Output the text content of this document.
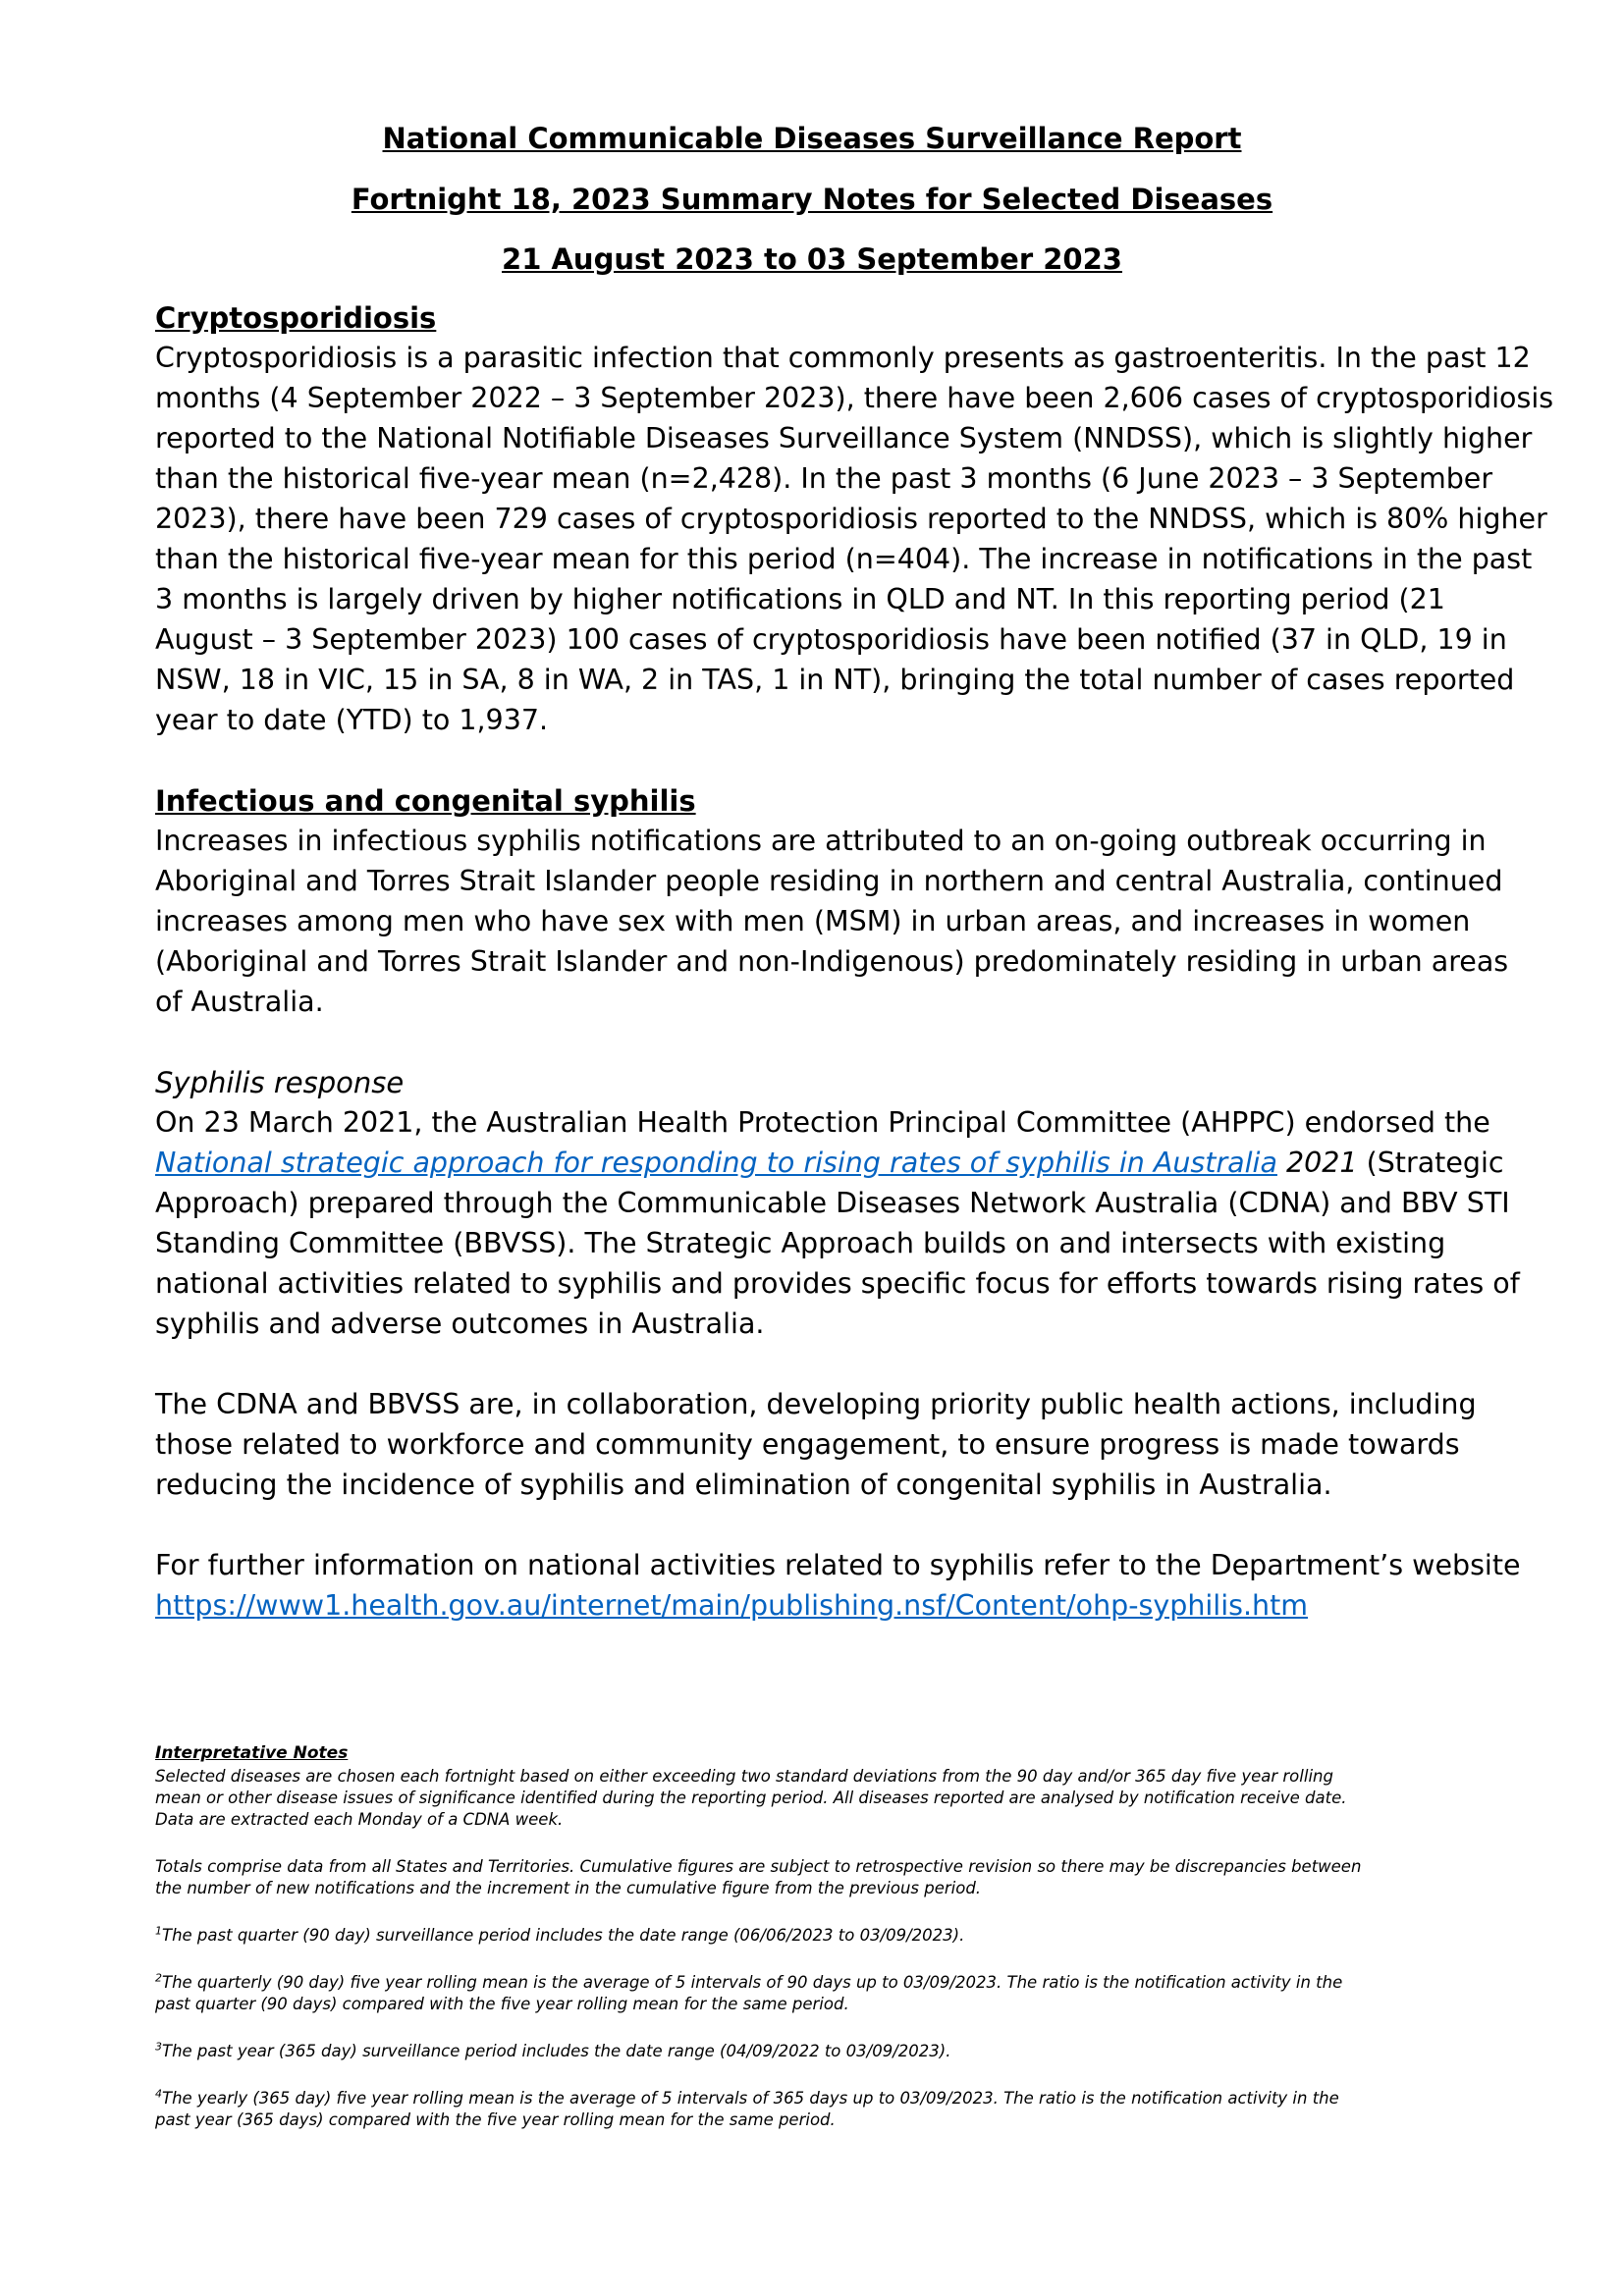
National Communicable Diseases Surveillance Report
Fortnight 18, 2023 Summary Notes for Selected Diseases
21 August 2023 to 03 September 2023
Cryptosporidiosis
Cryptosporidiosis is a parasitic infection that commonly presents as gastroenteritis. In the past 12
months (4 September 2022 – 3 September 2023), there have been 2,606 cases of cryptosporidiosis
reported to the National Notifiable Diseases Surveillance System (NNDSS), which is slightly higher
than the historical five-year mean (n=2,428). In the past 3 months (6 June 2023 – 3 September
2023), there have been 729 cases of cryptosporidiosis reported to the NNDSS, which is 80% higher
than the historical five-year mean for this period (n=404). The increase in notifications in the past
3 months is largely driven by higher notifications in QLD and NT. In this reporting period (21
August – 3 September 2023) 100 cases of cryptosporidiosis have been notified (37 in QLD, 19 in
NSW, 18 in VIC, 15 in SA, 8 in WA, 2 in TAS, 1 in NT), bringing the total number of cases reported
year to date (YTD) to 1,937.
Infectious and congenital syphilis
Increases in infectious syphilis notifications are attributed to an on-going outbreak occurring in
Aboriginal and Torres Strait Islander people residing in northern and central Australia, continued
increases among men who have sex with men (MSM) in urban areas, and increases in women
(Aboriginal and Torres Strait Islander and non-Indigenous) predominately residing in urban areas
of Australia.
Syphilis response
On 23 March 2021, the Australian Health Protection Principal Committee (AHPPC) endorsed the
National strategic approach for responding to rising rates of syphilis in Australia 2021 (Strategic
Approach) prepared through the Communicable Diseases Network Australia (CDNA) and BBV STI
Standing Committee (BBVSS). The Strategic Approach builds on and intersects with existing
national activities related to syphilis and provides specific focus for efforts towards rising rates of
syphilis and adverse outcomes in Australia.
The CDNA and BBVSS are, in collaboration, developing priority public health actions, including
those related to workforce and community engagement, to ensure progress is made towards
reducing the incidence of syphilis and elimination of congenital syphilis in Australia.
For further information on national activities related to syphilis refer to the Department’s website
https://www1.health.gov.au/internet/main/publishing.nsf/Content/ohp-syphilis.htm
Interpretative Notes
Selected diseases are chosen each fortnight based on either exceeding two standard deviations from the 90 day and/or 365 day five year rolling
mean or other disease issues of significance identified during the reporting period. All diseases reported are analysed by notification receive date.
Data are extracted each Monday of a CDNA week.
Totals comprise data from all States and Territories. Cumulative figures are subject to retrospective revision so there may be discrepancies between
the number of new notifications and the increment in the cumulative figure from the previous period.
$^1$The past quarter (90 day) surveillance period includes the date range (06/06/2023 to 03/09/2023).
$^2$The quarterly (90 day) five year rolling mean is the average of 5 intervals of 90 days up to 03/09/2023. The ratio is the notification activity in the
past quarter (90 days) compared with the five year rolling mean for the same period.
$^3$The past year (365 day) surveillance period includes the date range (04/09/2022 to 03/09/2023).
$^4$The yearly (365 day) five year rolling mean is the average of 5 intervals of 365 days up to 03/09/2023. The ratio is the notification activity in the
past year (365 days) compared with the five year rolling mean for the same period.
